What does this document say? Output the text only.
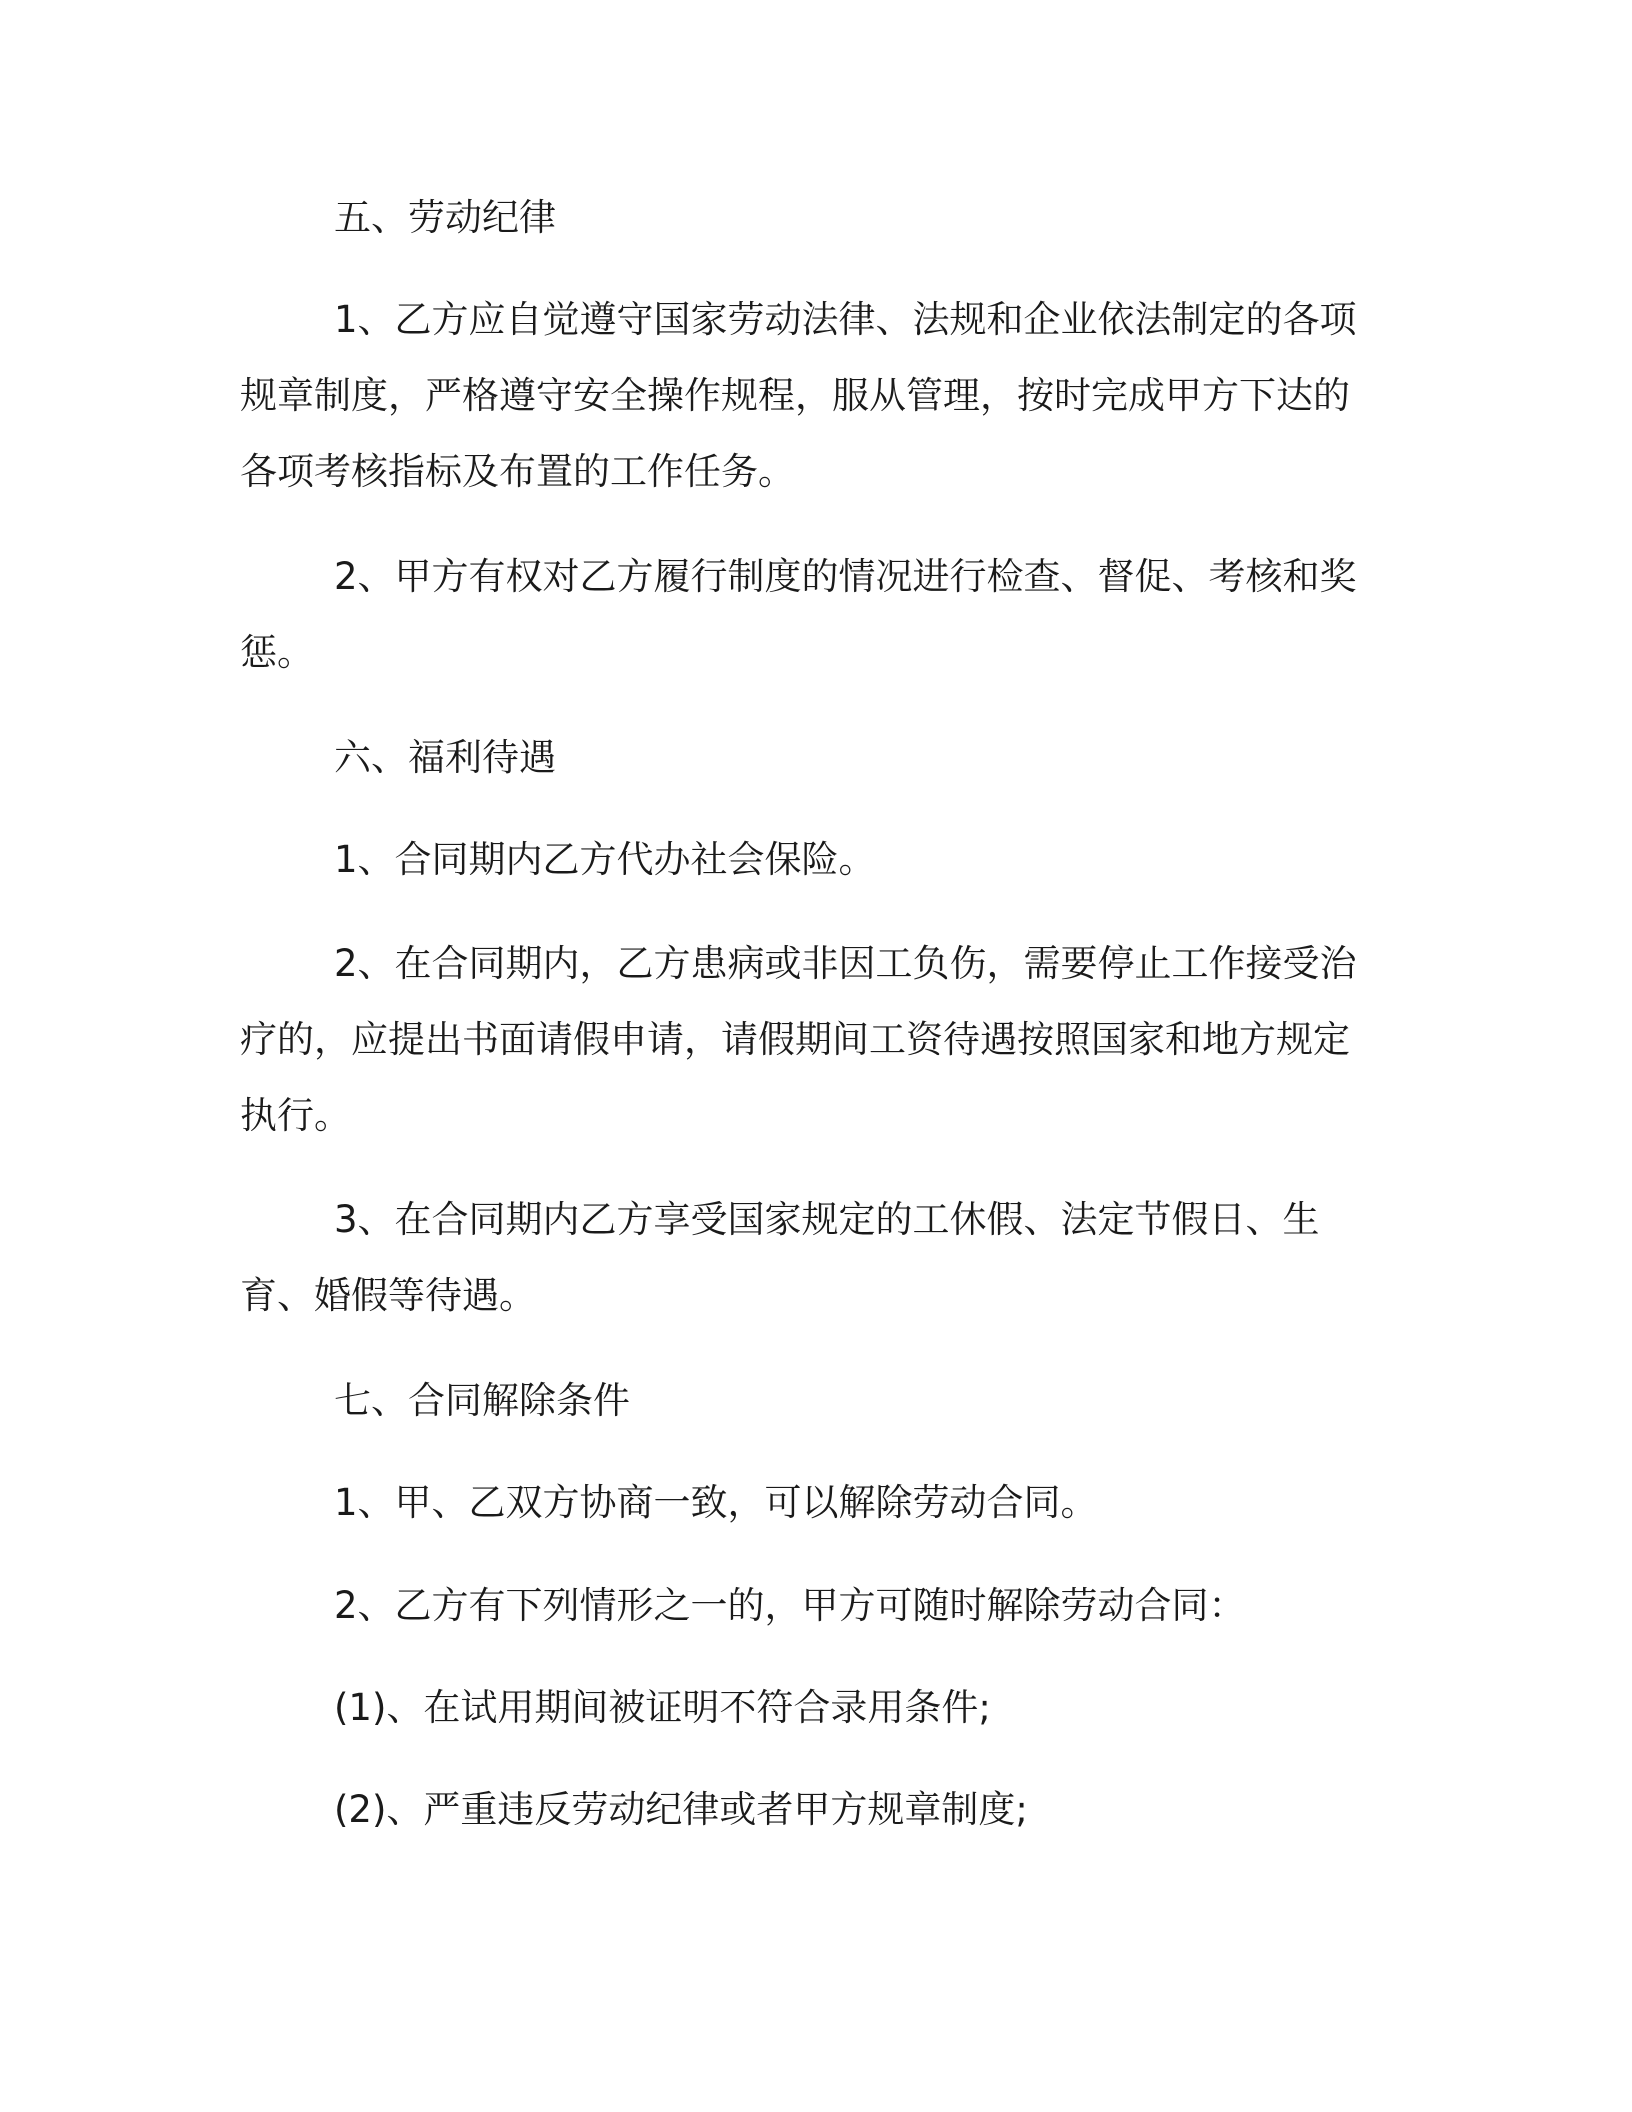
五、劳动纪律

1、乙方应自觉遵守国家劳动法律、法规和企业依法制定的各项规章制度，严格遵守安全操作规程，服从管理，按时完成甲方下达的各项考核指标及布置的工作任务。

2、甲方有权对乙方履行制度的情况进行检查、督促、考核和奖惩。

六、福利待遇

1、合同期内乙方代办社会保险。

2、在合同期内，乙方患病或非因工负伤，需要停止工作接受治疗的，应提出书面请假申请，请假期间工资待遇按照国家和地方规定执行。

3、在合同期内乙方享受国家规定的工休假、法定节假日、生育、婚假等待遇。

七、合同解除条件

1、甲、乙双方协商一致，可以解除劳动合同。

2、乙方有下列情形之一的，甲方可随时解除劳动合同：

(1)、在试用期间被证明不符合录用条件;

(2)、严重违反劳动纪律或者甲方规章制度;
